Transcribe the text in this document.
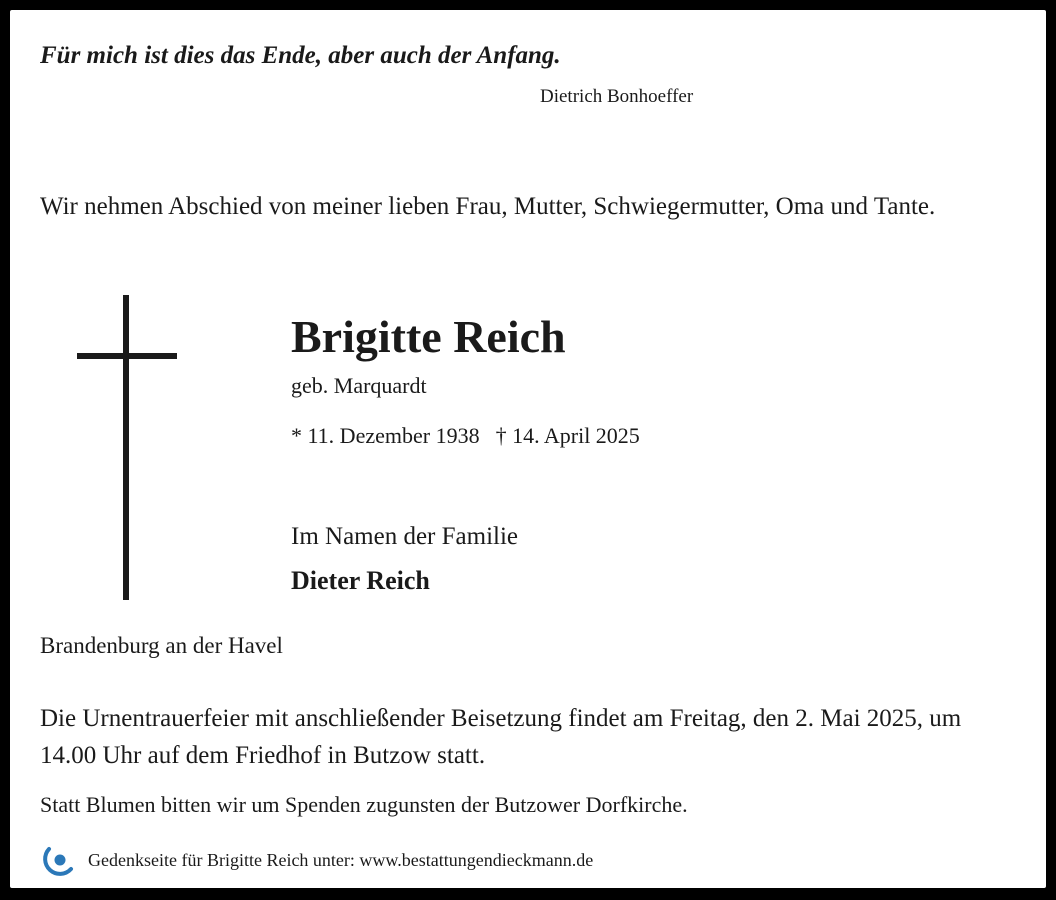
Für mich ist dies das Ende, aber auch der Anfang.

Dietrich Bonhoeffer

Wir nehmen Abschied von meiner lieben Frau, Mutter, Schwiegermutter, Oma und Tante.

Brigitte Reich

geb. Marquardt

* 11. Dezember 1938 † 14. April 2025

Im Namen der Familie

Dieter Reich

Brandenburg an der Havel

Die Urnentrauerfeier mit anschließender Beisetzung findet am Freitag, den 2. Mai 2025, um 14.00 Uhr auf dem Friedhof in Butzow statt.

Statt Blumen bitten wir um Spenden zugunsten der Butzower Dorfkirche.

Gedenkseite für Brigitte Reich unter: www.bestattungendieckmann.de
